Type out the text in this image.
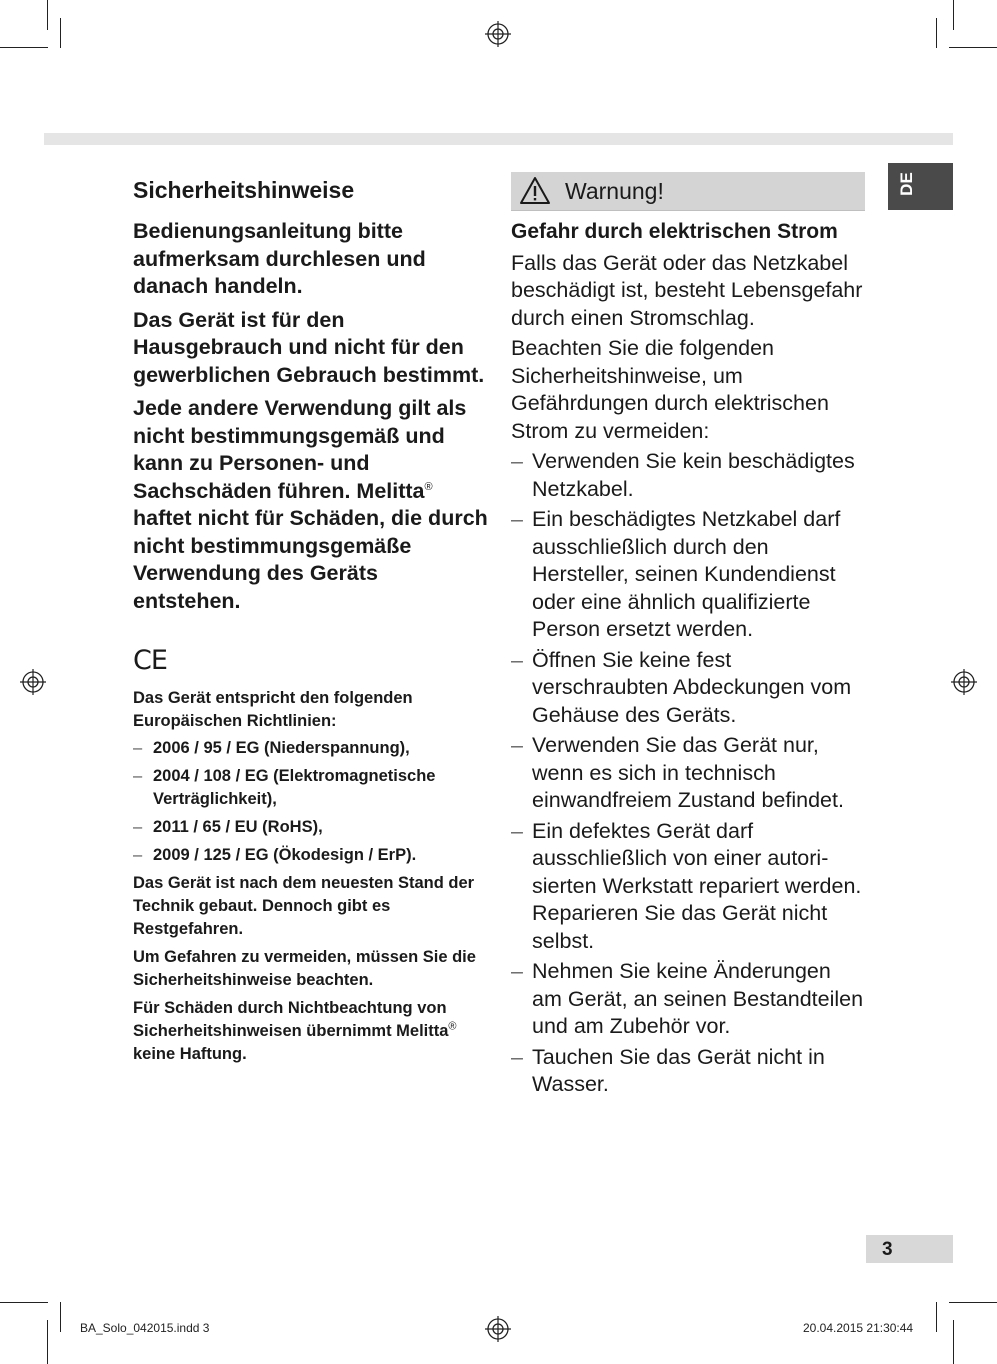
DE
Sicherheitshinweise

Bedienungsanleitung bitte aufmerksam durchlesen und danach handeln.

Das Gerät ist für den Hausgebrauch und nicht für den gewerblichen Gebrauch bestimmt.

Jede andere Verwendung gilt als nicht bestimmungsgemäß und kann zu Personen- und Sachschäden führen. Melitta® haftet nicht für Schäden, die durch nicht bestimmungsgemäße Verwendung des Geräts entstehen.

CE

Das Gerät entspricht den folgenden Europäischen Richtlinien:

– 2006 / 95 / EG (Niederspannung),
– 2004 / 108 / EG (Elektromagnetische Verträglichkeit),
– 2011 / 65 / EU (RoHS),
– 2009 / 125 / EG (Ökodesign / ErP).

Das Gerät ist nach dem neuesten Stand der Technik gebaut. Dennoch gibt es Restgefahren.

Um Gefahren zu vermeiden, müssen Sie die Sicherheitshinweise beachten.

Für Schäden durch Nichtbeachtung von Sicherheitshinweisen übernimmt Melitta® keine Haftung.

Warnung!
Gefahr durch elektrischen Strom

Falls das Gerät oder das Netzkabel beschädigt ist, besteht Lebensgefahr durch einen Stromschlag.

Beachten Sie die folgenden Sicherheitshinweise, um Gefährdungen durch elektrischen Strom zu vermeiden:

– Verwenden Sie kein beschädigtes Netzkabel.
– Ein beschädigtes Netzkabel darf ausschließlich durch den Hersteller, seinen Kundendienst oder eine ähnlich qualifizierte Person ersetzt werden.
– Öffnen Sie keine fest verschraubten Abdeckungen vom Gehäuse des Geräts.
– Verwenden Sie das Gerät nur, wenn es sich in technisch einwandfreiem Zustand befindet.
– Ein defektes Gerät darf ausschließlich von einer autori-sierten Werkstatt repariert werden. Reparieren Sie das Gerät nicht selbst.
– Nehmen Sie keine Änderungen am Gerät, an seinen Bestandteilen und am Zubehör vor.
– Tauchen Sie das Gerät nicht in Wasser.
3
BA_Solo_042015.indd 3	20.04.2015 21:30:44
